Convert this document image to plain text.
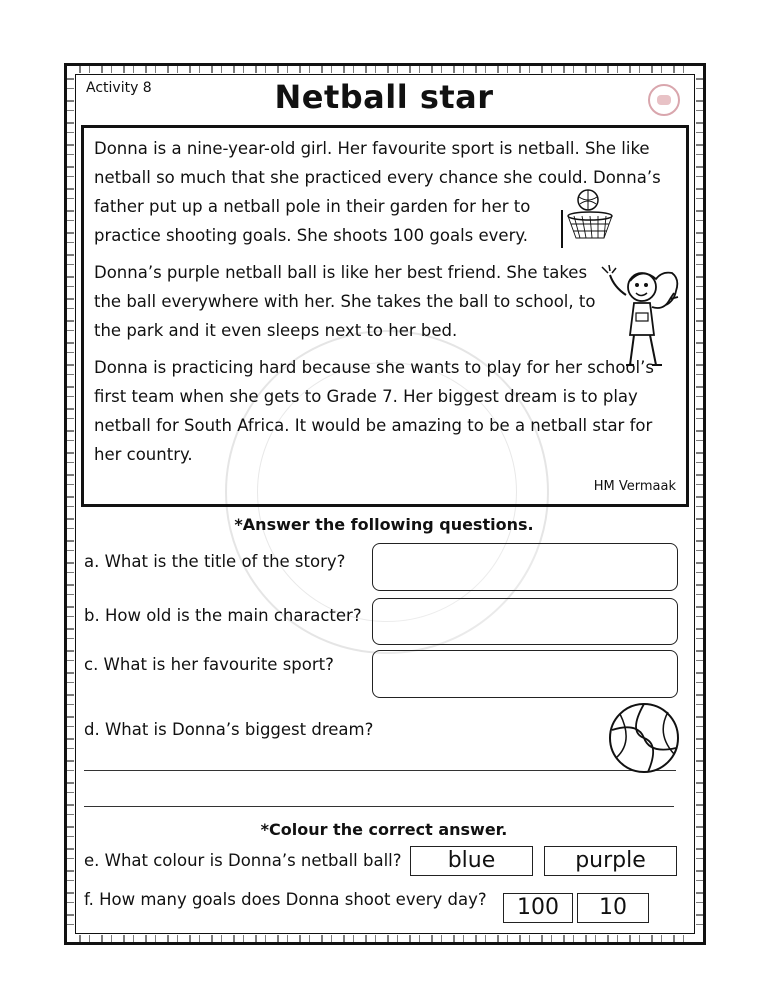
Activity 8	Netball star
Donna is a nine-year-old girl. Her favourite sport is netball. She like
netball so much that she practiced every chance she could. Donna’s
father put up a netball pole in their garden for her to
practice shooting goals. She shoots 100 goals every.
Donna’s purple netball ball is like her best friend. She takes
the ball everywhere with her. She takes the ball to school, to
the park and it even sleeps next to her bed.
Donna is practicing hard because she wants to play for her school’s
first team when she gets to Grade 7. Her biggest dream is to play
netball for South Africa. It would be amazing to be a netball star for
her country.
HM Vermaak
*Answer the following questions.
a. What is the title of the story?
b. How old is the main character?
c. What is her favourite sport?
d. What is Donna’s biggest dream?
*Colour the correct answer.
e. What colour is Donna’s netball ball?	blue	purple
f. How many goals does Donna shoot every day?	100	10
